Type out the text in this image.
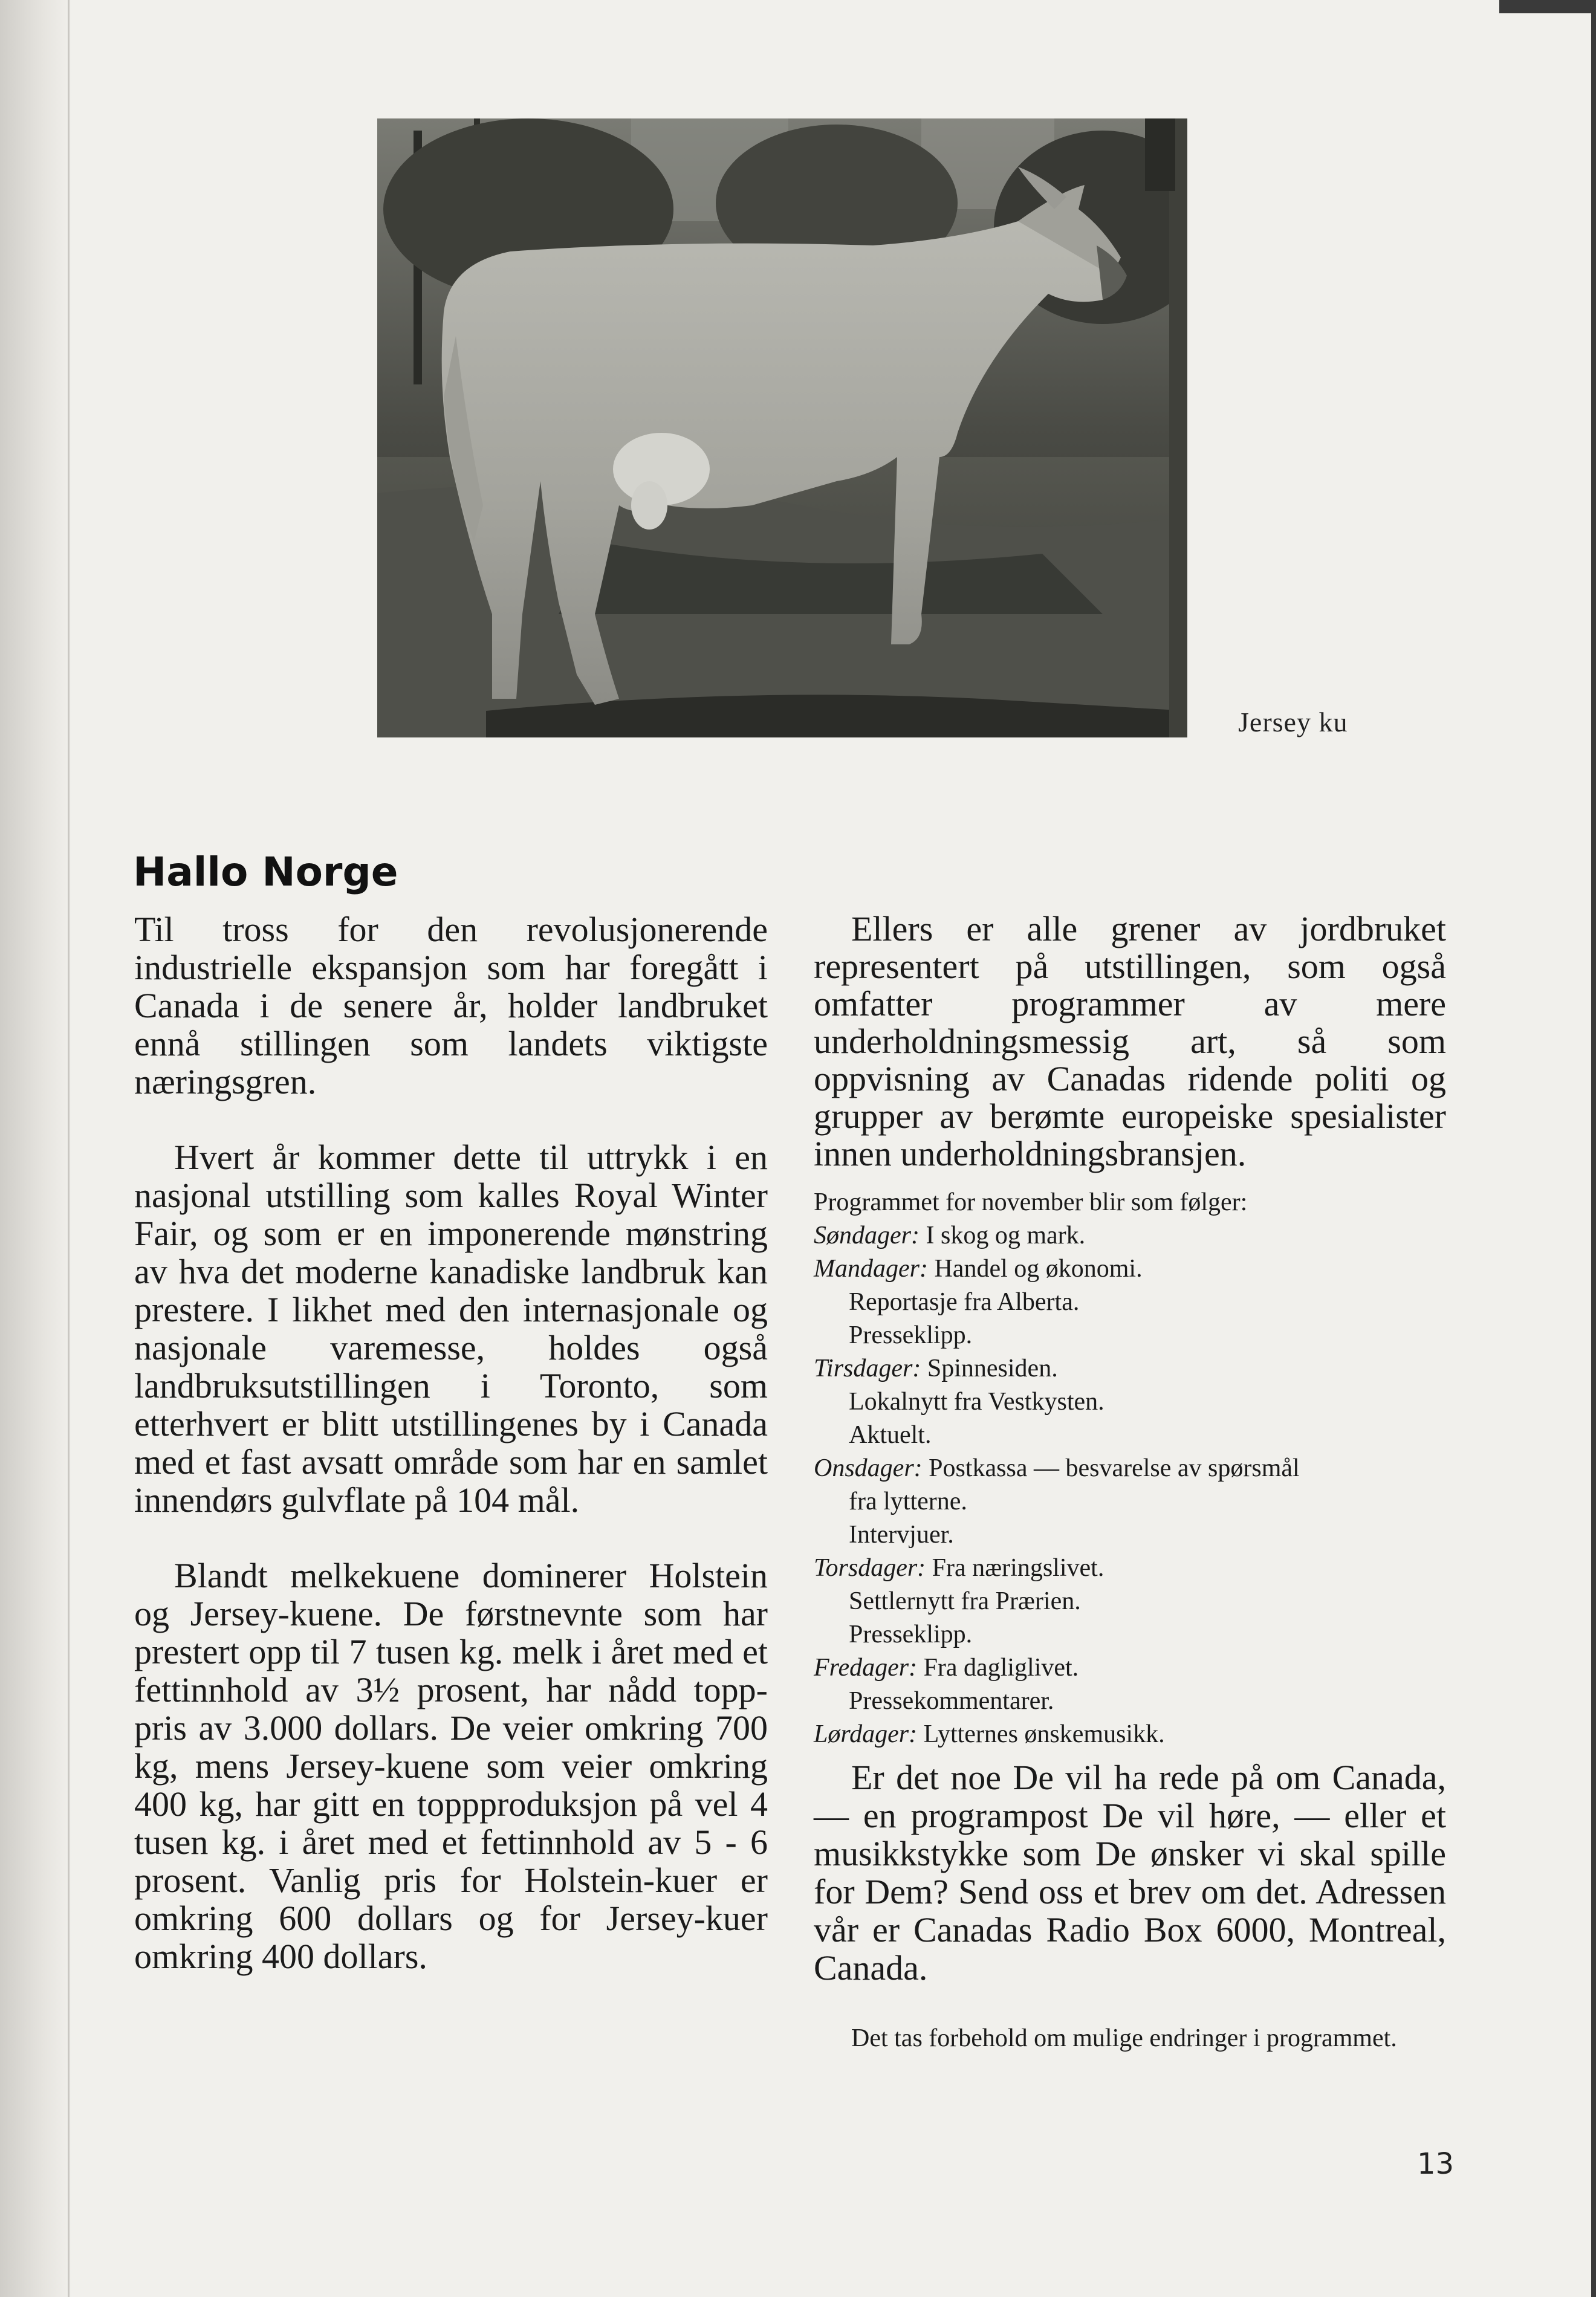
Jersey ku
Hallo Norge

Til tross for den revolusjonerende industrielle ekspansjon som har foregått i Canada i de senere år, holder landbruket ennå stillingen som landets viktigste næringsgren.

Hvert år kommer dette til uttrykk i en nasjonal utstilling som kalles Royal Winter Fair, og som er en imponerende mønstring av hva det moderne kanadiske landbruk kan prestere. I likhet med den internasjonale og nasjonale varemesse, holdes også landbruksutstillingen i Toronto, som etterhvert er blitt utstillingenes by i Canada med et fast avsatt område som har en samlet innendørs gulvflate på 104 mål.

Blandt melkekuene dominerer Holstein og Jersey-kuene. De førstnevnte som har prestert opp til 7 tusen kg. melk i året med et fettinnhold av 3½ prosent, har nådd topp-pris av 3.000 dollars. De veier omkring 700 kg, mens Jersey-kuene som veier omkring 400 kg, har gitt en toppproduksjon på vel 4 tusen kg. i året med et fettinnhold av 5 - 6 prosent. Vanlig pris for Holstein-kuer er omkring 600 dollars og for Jersey-kuer omkring 400 dollars.

Ellers er alle grener av jordbruket representert på utstillingen, som også omfatter programmer av mere underholdningsmessig art, så som oppvisning av Canadas ridende politi og grupper av berømte europeiske spesialister innen underholdningsbransjen.

Programmet for november blir som følger:
Søndager: I skog og mark.
Mandager: Handel og økonomi.
Reportasje fra Alberta.
Presseklipp.
Tirsdager: Spinnesiden.
Lokalnytt fra Vestkysten.
Aktuelt.
Onsdager: Postkassa — besvarelse av spørsmål
fra lytterne.
Intervjuer.
Torsdager: Fra næringslivet.
Settlernytt fra Prærien.
Presseklipp.
Fredager: Fra dagliglivet.
Pressekommentarer.
Lørdager: Lytternes ønskemusikk.

Er det noe De vil ha rede på om Canada, — en programpost De vil høre, — eller et musikkstykke som De ønsker vi skal spille for Dem? Send oss et brev om det. Adressen vår er Canadas Radio Box 6000, Montreal, Canada.

Det tas forbehold om mulige endringer i programmet.

13
